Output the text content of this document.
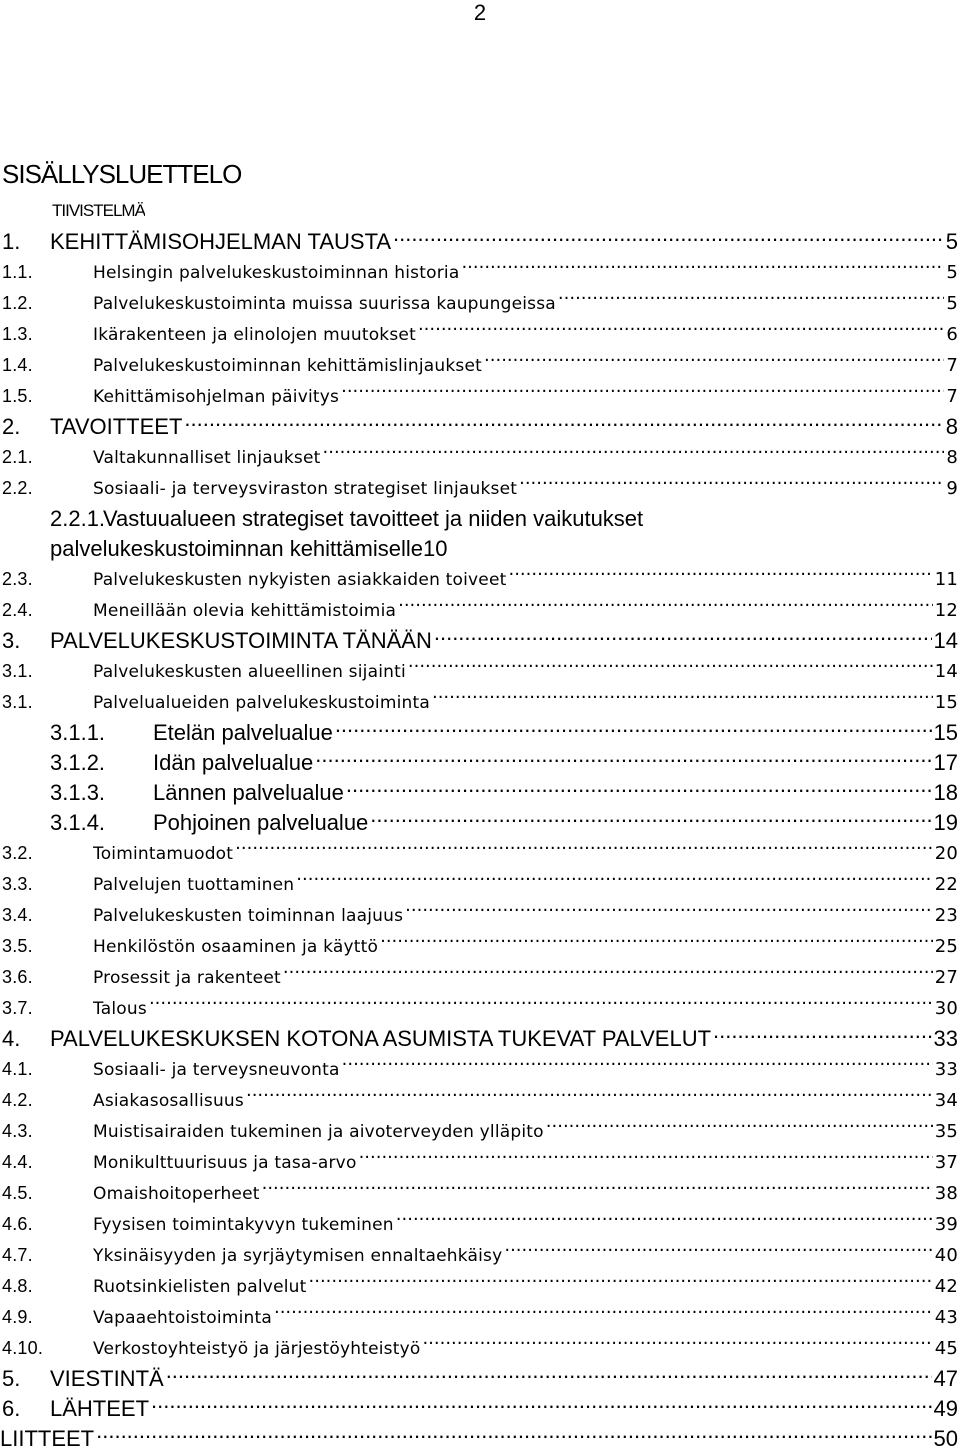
2
SISÄLLYSLUETTELO
TIIVISTELMÄ
1.	KEHITTÄMISOHJELMAN TAUSTA .....	5
1.1.	Helsingin palvelukeskustoiminnan historia .....	5
1.2.	Palvelukeskustoiminta muissa suurissa kaupungeissa .....	5
1.3.	Ikärakenteen ja elinolojen muutokset .....	6
1.4.	Palvelukeskustoiminnan kehittämislinjaukset .....	7
1.5.	Kehittämisohjelman päivitys .....	7
2.	TAVOITTEET .....	8
2.1.	Valtakunnalliset linjaukset .....	8
2.2.	Sosiaali- ja terveysviraston strategiset linjaukset .....	9
2.2.1.
Vastuualueen strategiset tavoitteet ja niiden vaikutukset
palvelukeskustoiminnan kehittämiselle 10
2.3.	Palvelukeskusten nykyisten asiakkaiden toiveet .....	11
2.4.	Meneillään olevia kehittämistoimia .....	12
3.	PALVELUKESKUSTOIMINTA TÄNÄÄN .....	14
3.1.	Palvelukeskusten alueellinen sijainti .....	14
3.1.	Palvelualueiden palvelukeskustoiminta .....	15
3.1.1.	Etelän palvelualue .....	15
3.1.2.	Idän palvelualue .....	17
3.1.3.	Lännen palvelualue .....	18
3.1.4.	Pohjoinen palvelualue .....	19
3.2.	Toimintamuodot .....	20
3.3.	Palvelujen tuottaminen .....	22
3.4.	Palvelukeskusten toiminnan laajuus .....	23
3.5.	Henkilöstön osaaminen ja käyttö .....	25
3.6.	Prosessit ja rakenteet .....	27
3.7.	Talous .....	30
4.	PALVELUKESKUKSEN KOTONA ASUMISTA TUKEVAT PALVELUT .....	33
4.1.	Sosiaali- ja terveysneuvonta .....	33
4.2.	Asiakasosallisuus .....	34
4.3.	Muistisairaiden tukeminen ja aivoterveyden ylläpito .....	35
4.4.	Monikulttuurisuus ja tasa-arvo .....	37
4.5.	Omaishoitoperheet .....	38
4.6.	Fyysisen toimintakyvyn tukeminen .....	39
4.7.	Yksinäisyyden ja syrjäytymisen ennaltaehkäisy .....	40
4.8.	Ruotsinkielisten palvelut .....	42
4.9.	Vapaaehtoistoiminta .....	43
4.10.	Verkostoyhteistyö ja järjestöyhteistyö .....	45
5.	VIESTINTÄ .....	47
6.	LÄHTEET .....	49
LIITTEET .....	50
